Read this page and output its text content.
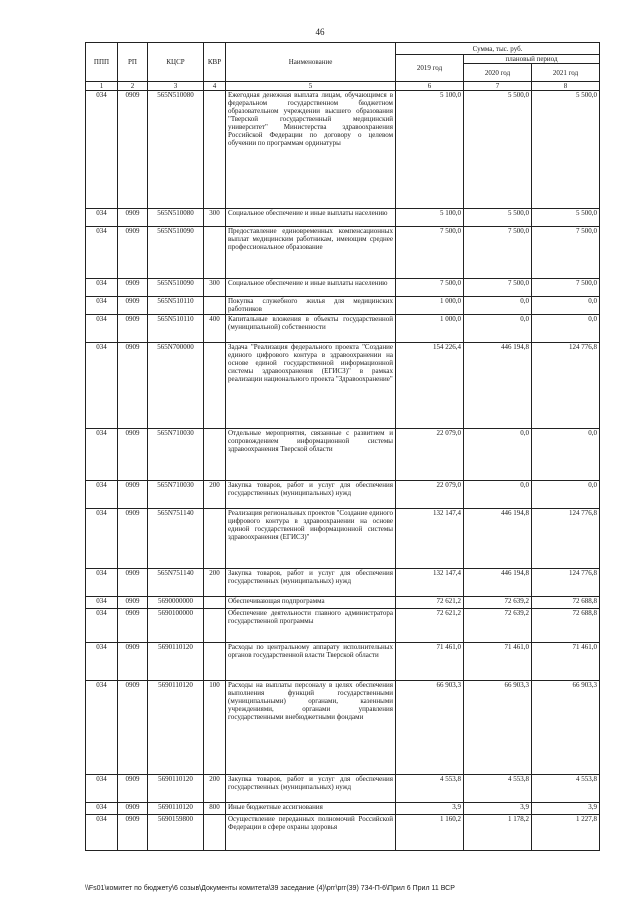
46
ППП	РП	КЦСР	КВР	Наименование	Сумма, тыс. руб.		
					2019 год	плановый период	
						2020 год	2021 год
1	2	3	4	5	6	7	8
034	0909	565N510080		Ежегодная денежная выплата лицам, обучающимся в федеральном государственном бюджетном образовательном учреждении высшего образования "Тверской государственный медицинский университет" Министерства здравоохранения Российской Федерации по договору о целевом обучении по программам ординатуры	5 100,0	5 500,0	5 500,0
034	0909	565N510080	300	Социальное обеспечение и иные выплаты населению	5 100,0	5 500,0	5 500,0
034	0909	565N510090		Предоставление единовременных компенсационных выплат медицинским работникам, имеющим среднее профессиональное образование	7 500,0	7 500,0	7 500,0
034	0909	565N510090	300	Социальное обеспечение и иные выплаты населению	7 500,0	7 500,0	7 500,0
034	0909	565N510110		Покупка служебного жилья для медицинских работников	1 000,0	0,0	0,0
034	0909	565N510110	400	Капитальные вложения в объекты государственной (муниципальной) собственности	1 000,0	0,0	0,0
034	0909	565N700000		Задача "Реализация федерального проекта "Создание единого цифрового контура в здравоохранении на основе единой государственной информационной системы здравоохранения (ЕГИСЗ)" в рамках реализации национального проекта "Здравоохранение"	154 226,4	446 194,8	124 776,8
034	0909	565N710030		Отдельные мероприятия, связанные с развитием и сопровождением информационной системы здравоохранения Тверской области	22 079,0	0,0	0,0
034	0909	565N710030	200	Закупка товаров, работ и услуг для обеспечения государственных (муниципальных) нужд	22 079,0	0,0	0,0
034	0909	565N751140		Реализация региональных проектов "Создание единого цифрового контура в здравоохранении на основе единой государственной информационной системы здравоохранения (ЕГИСЗ)"	132 147,4	446 194,8	124 776,8
034	0909	565N751140	200	Закупка товаров, работ и услуг для обеспечения государственных (муниципальных) нужд	132 147,4	446 194,8	124 776,8
034	0909	5690000000		Обеспечивающая подпрограмма	72 621,2	72 639,2	72 688,8
034	0909	5690100000		Обеспечение деятельности главного администратора государственной программы	72 621,2	72 639,2	72 688,8
034	0909	5690110120		Расходы по центральному аппарату исполнительных органов государственной власти Тверской области	71 461,0	71 461,0	71 461,0
034	0909	5690110120	100	Расходы на выплаты персоналу в целях обеспечения выполнения функций государственными (муниципальными) органами, казенными учреждениями, органами управления государственными внебюджетными фондами	66 903,3	66 903,3	66 903,3
034	0909	5690110120	200	Закупка товаров, работ и услуг для обеспечения государственных (муниципальных) нужд	4 553,8	4 553,8	4 553,8
034	0909	5690110120	800	Иные бюджетные ассигнования	3,9	3,9	3,9
034	0909	5690159800		Осуществление переданных полномочий Российской Федерации в сфере охраны здоровья	1 160,2	1 178,2	1 227,8
\\Fs01\комитет по бюджету\6 созыв\Документы комитета\39 заседание (4)\prг\prг(39) 734-П-6\Прил 6 Прил 11 ВСР
